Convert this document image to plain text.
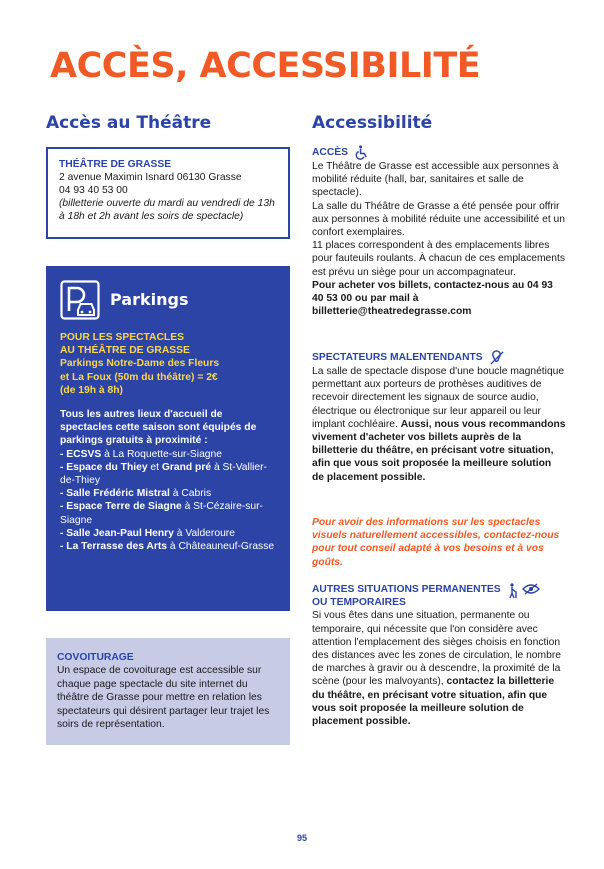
ACCÈS, ACCESSIBILITÉ
Accès au Théâtre
THÉÂTRE DE GRASSE
2 avenue Maximin Isnard 06130 Grasse
04 93 40 53 00
(billetterie ouverte du mardi au vendredi de 13h à 18h et 2h avant les soirs de spectacle)
Parkings
POUR LES SPECTACLES
AU THÉÂTRE DE GRASSE
Parkings Notre-Dame des Fleurs
et La Foux (50m du théâtre) = 2€
(de 19h à 8h)
Tous les autres lieux d'accueil de spectacles cette saison sont équipés de parkings gratuits à proximité :
- ECSVS à La Roquette-sur-Siagne
- Espace du Thiey et Grand pré à St-Vallier-de-Thiey
- Salle Frédéric Mistral à Cabris
- Espace Terre de Siagne à St-Cézaire-sur-Siagne
- Salle Jean-Paul Henry à Valderoure
- La Terrasse des Arts à Châteauneuf-Grasse
COVOITURAGE
Un espace de covoiturage est accessible sur chaque page spectacle du site internet du théâtre de Grasse pour mettre en relation les spectateurs qui désirent partager leur trajet les soirs de représentation.
Accessibilité
ACCÈS
Le Théâtre de Grasse est accessible aux personnes à mobilité réduite (hall, bar, sanitaires et salle de spectacle).
La salle du Théâtre de Grasse a été pensée pour offrir aux personnes à mobilité réduite une accessibilité et un confort exemplaires.
11 places correspondent à des emplacements libres pour fauteuils roulants. À chacun de ces emplacements est prévu un siège pour un accompagnateur.
Pour acheter vos billets, contactez-nous au 04 93 40 53 00 ou par mail à billetterie@theatredegrasse.com
SPECTATEURS MALENTENDANTS
La salle de spectacle dispose d'une boucle magnétique permettant aux porteurs de prothèses auditives de recevoir directement les signaux de source audio, électrique ou électronique sur leur appareil ou leur implant cochléaire. Aussi, nous vous recommandons vivement d'acheter vos billets auprès de la billetterie du théâtre, en précisant votre situation, afin que vous soit proposée la meilleure solution de placement possible.
Pour avoir des informations sur les spectacles visuels naturellement accessibles, contactez-nous pour tout conseil adapté à vos besoins et à vos goûts.
AUTRES SITUATIONS PERMANENTES
OU TEMPORAIRES
Si vous êtes dans une situation, permanente ou temporaire, qui nécessite que l'on considère avec attention l'emplacement des sièges choisis en fonction des distances avec les zones de circulation, le nombre de marches à gravir ou à descendre, la proximité de la scène (pour les malvoyants), contactez la billetterie du théâtre, en précisant votre situation, afin que vous soit proposée la meilleure solution de placement possible.
95
